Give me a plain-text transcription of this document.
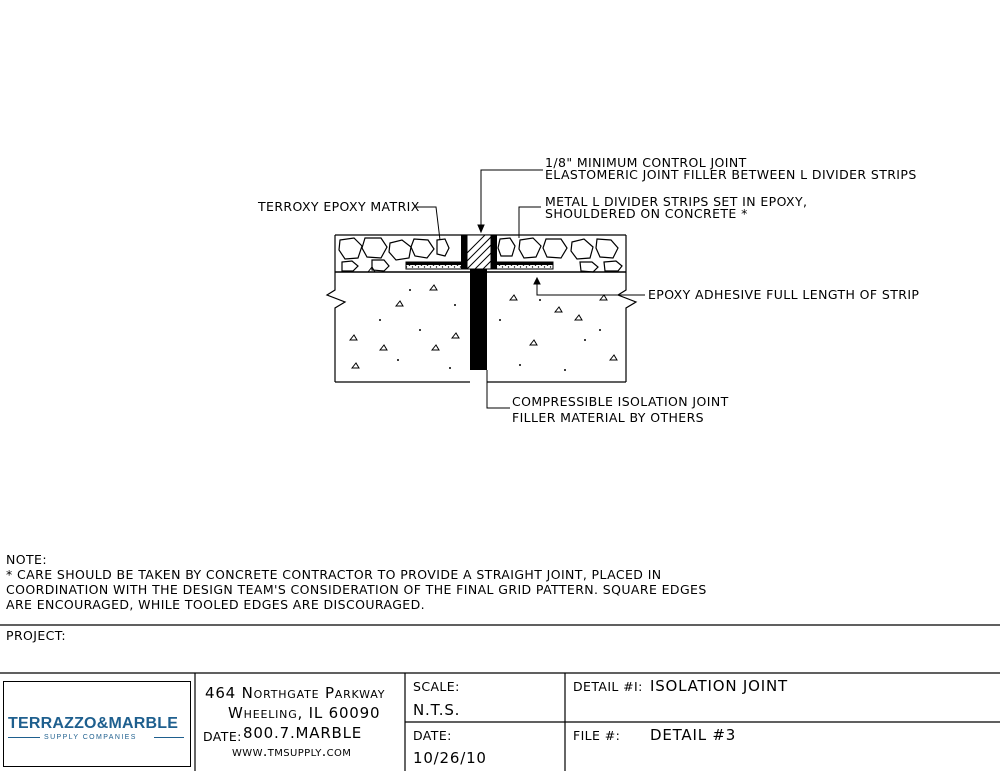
1/8" MINIMUM CONTROL JOINT
ELASTOMERIC JOINT FILLER BETWEEN L DIVIDER STRIPS
TERROXY EPOXY MATRIX	METAL L DIVIDER STRIPS SET IN EPOXY,
SHOULDERED ON CONCRETE *
EPOXY ADHESIVE FULL LENGTH OF STRIP
COMPRESSIBLE ISOLATION JOINT
FILLER MATERIAL BY OTHERS
NOTE:
* CARE SHOULD BE TAKEN BY CONCRETE CONTRACTOR TO PROVIDE A STRAIGHT JOINT, PLACED IN
COORDINATION WITH THE DESIGN TEAM'S CONSIDERATION OF THE FINAL GRID PATTERN. SQUARE EDGES
ARE ENCOURAGED, WHILE TOOLED EDGES ARE DISCOURAGED.
PROJECT:
TERRAZZO&MARBLE
SUPPLY COMPANIES
464 Northgate Parkway
Wheeling, IL 60090
DATE: 800.7.MARBLE
www.tmsupply.com
SCALE:
N.T.S.
DATE:
10/26/10
DETAIL #I: ISOLATION JOINT
FILE #: DETAIL #3
